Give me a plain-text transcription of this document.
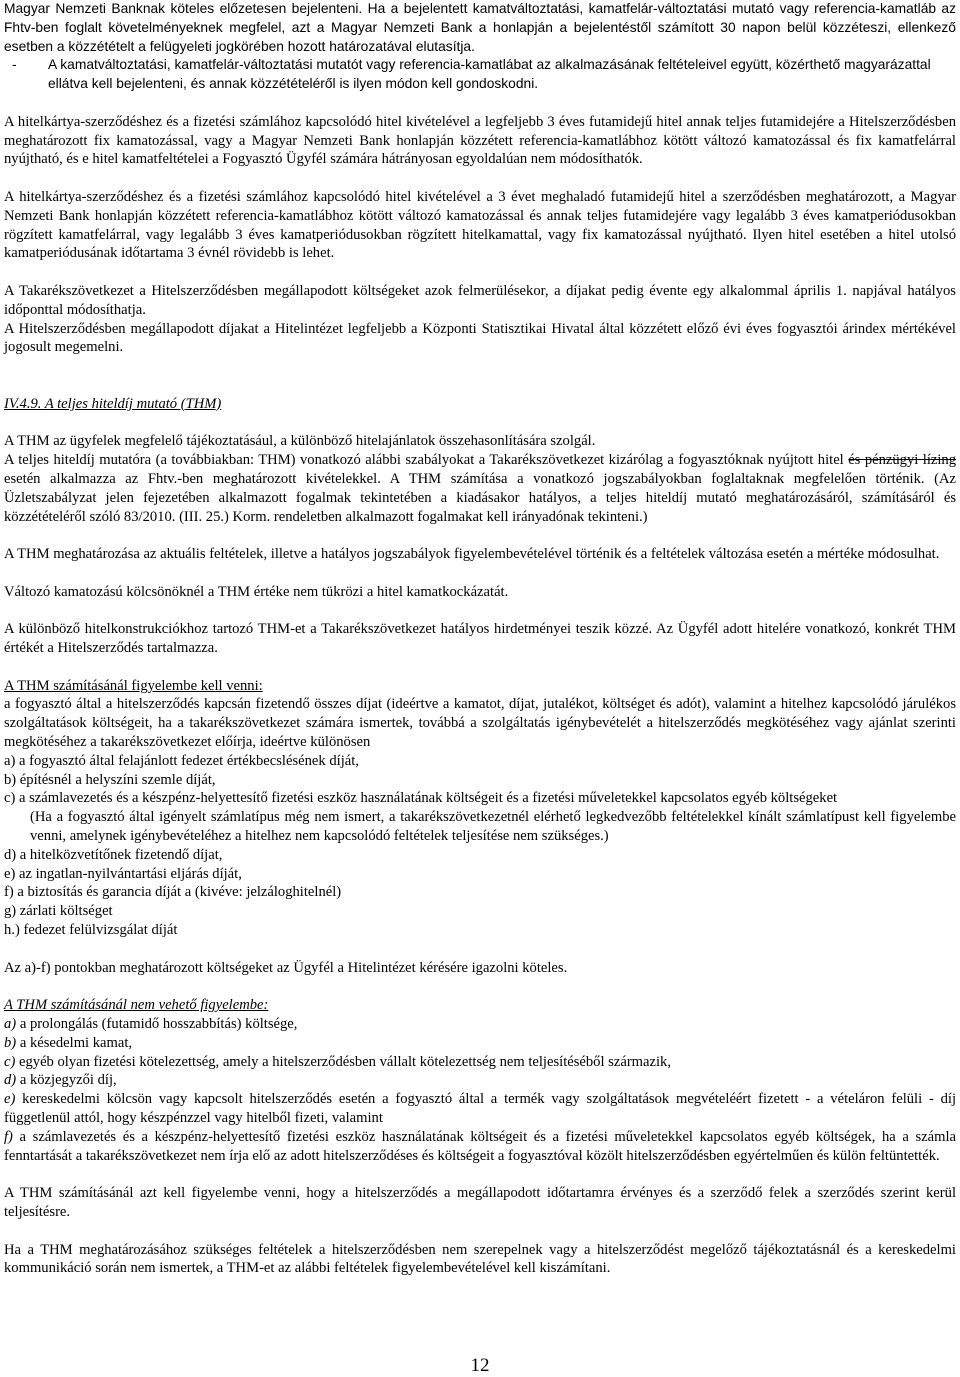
Magyar Nemzeti Banknak köteles előzetesen bejelenteni. Ha a bejelentett kamatváltoztatási, kamatfelár-változtatási mutató vagy referencia-kamatláb az Fhtv-ben foglalt követelményeknek megfelel, azt a Magyar Nemzeti Bank a honlapján a bejelentéstől számított 30 napon belül közzéteszi, ellenkező esetben a közzétételt a felügyeleti jogkörében hozott határozatával elutasítja.

- A kamatváltoztatási, kamatfelár-változtatási mutatót vagy referencia-kamatlábat az alkalmazásának feltételeivel együtt, közérthető magyarázattal ellátva kell bejelenteni, és annak közzétételéről is ilyen módon kell gondoskodni.

A hitelkártya-szerződéshez és a fizetési számlához kapcsolódó hitel kivételével a legfeljebb 3 éves futamidejű hitel annak teljes futamidejére a Hitelszerződésben meghatározott fix kamatozással, vagy a Magyar Nemzeti Bank honlapján közzétett referencia-kamatlábhoz kötött változó kamatozással és fix kamatfelárral nyújtható, és e hitel kamatfeltételei a Fogyasztó Ügyfél számára hátrányosan egyoldalúan nem módosíthatók.

A hitelkártya-szerződéshez és a fizetési számlához kapcsolódó hitel kivételével a 3 évet meghaladó futamidejű hitel a szerződésben meghatározott, a Magyar Nemzeti Bank honlapján közzétett referencia-kamatlábhoz kötött változó kamatozással és annak teljes futamidejére vagy legalább 3 éves kamatperiódusokban rögzített kamatfelárral, vagy legalább 3 éves kamatperiódusokban rögzített hitelkamattal, vagy fix kamatozással nyújtható. Ilyen hitel esetében a hitel utolsó kamatperiódusának időtartama 3 évnél rövidebb is lehet.

A Takarékszövetkezet a Hitelszerződésben megállapodott költségeket azok felmerülésekor, a díjakat pedig évente egy alkalommal április 1. napjával hatályos időponttal módosíthatja.

A Hitelszerződésben megállapodott díjakat a Hitelintézet legfeljebb a Központi Statisztikai Hivatal által közzétett előző évi éves fogyasztói árindex mértékével jogosult megemelni.

IV.4.9. A teljes hiteldíj mutató (THM)

A THM az ügyfelek megfelelő tájékoztatásául, a különböző hitelajánlatok összehasonlítására szolgál.

A teljes hiteldíj mutatóra (a továbbiakban: THM) vonatkozó alábbi szabályokat a Takarékszövetkezet kizárólag a fogyasztóknak nyújtott hitel és pénzügyi lízing esetén alkalmazza az Fhtv.-ben meghatározott kivételekkel. A THM számítása a vonatkozó jogszabályokban foglaltaknak megfelelően történik. (Az Üzletszabályzat jelen fejezetében alkalmazott fogalmak tekintetében a kiadásakor hatályos, a teljes hiteldíj mutató meghatározásáról, számításáról és közzétételéről szóló 83/2010. (III. 25.) Korm. rendeletben alkalmazott fogalmakat kell irányadónak tekinteni.)

A THM meghatározása az aktuális feltételek, illetve a hatályos jogszabályok figyelembevételével történik és a feltételek változása esetén a mértéke módosulhat.

Változó kamatozású kölcsönöknél a THM értéke nem tükrözi a hitel kamatkockázatát.

A különböző hitelkonstrukciókhoz tartozó THM-et a Takarékszövetkezet hatályos hirdetményei teszik közzé. Az Ügyfél adott hitelére vonatkozó, konkrét THM értékét a Hitelszerződés tartalmazza.

A THM számításánál figyelembe kell venni:

a fogyasztó által a hitelszerződés kapcsán fizetendő összes díjat (ideértve a kamatot, díjat, jutalékot, költséget és adót), valamint a hitelhez kapcsolódó járulékos szolgáltatások költségeit, ha a takarékszövetkezet számára ismertek, továbbá a szolgáltatás igénybevételét a hitelszerződés megkötéséhez vagy ajánlat szerinti megkötéséhez a takarékszövetkezet előírja, ideértve különösen

a) a fogyasztó által felajánlott fedezet értékbecslésének díját,

b) építésnél a helyszíni szemle díját,

c) a számlavezetés és a készpénz-helyettesítő fizetési eszköz használatának költségeit és a fizetési műveletekkel kapcsolatos egyéb költségeket

(Ha a fogyasztó által igényelt számlatípus még nem ismert, a takarékszövetkezetnél elérhető legkedvezőbb feltételekkel kínált számlatípust kell figyelembe venni, amelynek igénybevételéhez a hitelhez nem kapcsolódó feltételek teljesítése nem szükséges.)

d) a hitelközvetítőnek fizetendő díjat,

e) az ingatlan-nyilvántartási eljárás díját,

f) a biztosítás és garancia díját a (kivéve: jelzáloghitelnél)

g) zárlati költséget

h.) fedezet felülvizsgálat díját

Az a)-f) pontokban meghatározott költségeket az Ügyfél a Hitelintézet kérésére igazolni köteles.

A THM számításánál nem vehető figyelembe:

a) a prolongálás (futamidő hosszabbítás) költsége,

b) a késedelmi kamat,

c) egyéb olyan fizetési kötelezettség, amely a hitelszerződésben vállalt kötelezettség nem teljesítéséből származik,

d) a közjegyzői díj,

e) kereskedelmi kölcsön vagy kapcsolt hitelszerződés esetén a fogyasztó által a termék vagy szolgáltatások megvételéért fizetett - a vételáron felüli - díj függetlenül attól, hogy készpénzzel vagy hitelből fizeti, valamint

f) a számlavezetés és a készpénz-helyettesítő fizetési eszköz használatának költségeit és a fizetési műveletekkel kapcsolatos egyéb költségek, ha a számla fenntartását a takarékszövetkezet nem írja elő az adott hitelszerződéses és költségeit a fogyasztóval közölt hitelszerződésben egyértelműen és külön feltüntették.

A THM számításánál azt kell figyelembe venni, hogy a hitelszerződés a megállapodott időtartamra érvényes és a szerződő felek a szerződés szerint kerül teljesítésre.

Ha a THM meghatározásához szükséges feltételek a hitelszerződésben nem szerepelnek vagy a hitelszerződést megelőző tájékoztatásnál és a kereskedelmi kommunikáció során nem ismertek, a THM-et az alábbi feltételek figyelembevételével kell kiszámítani.

12
